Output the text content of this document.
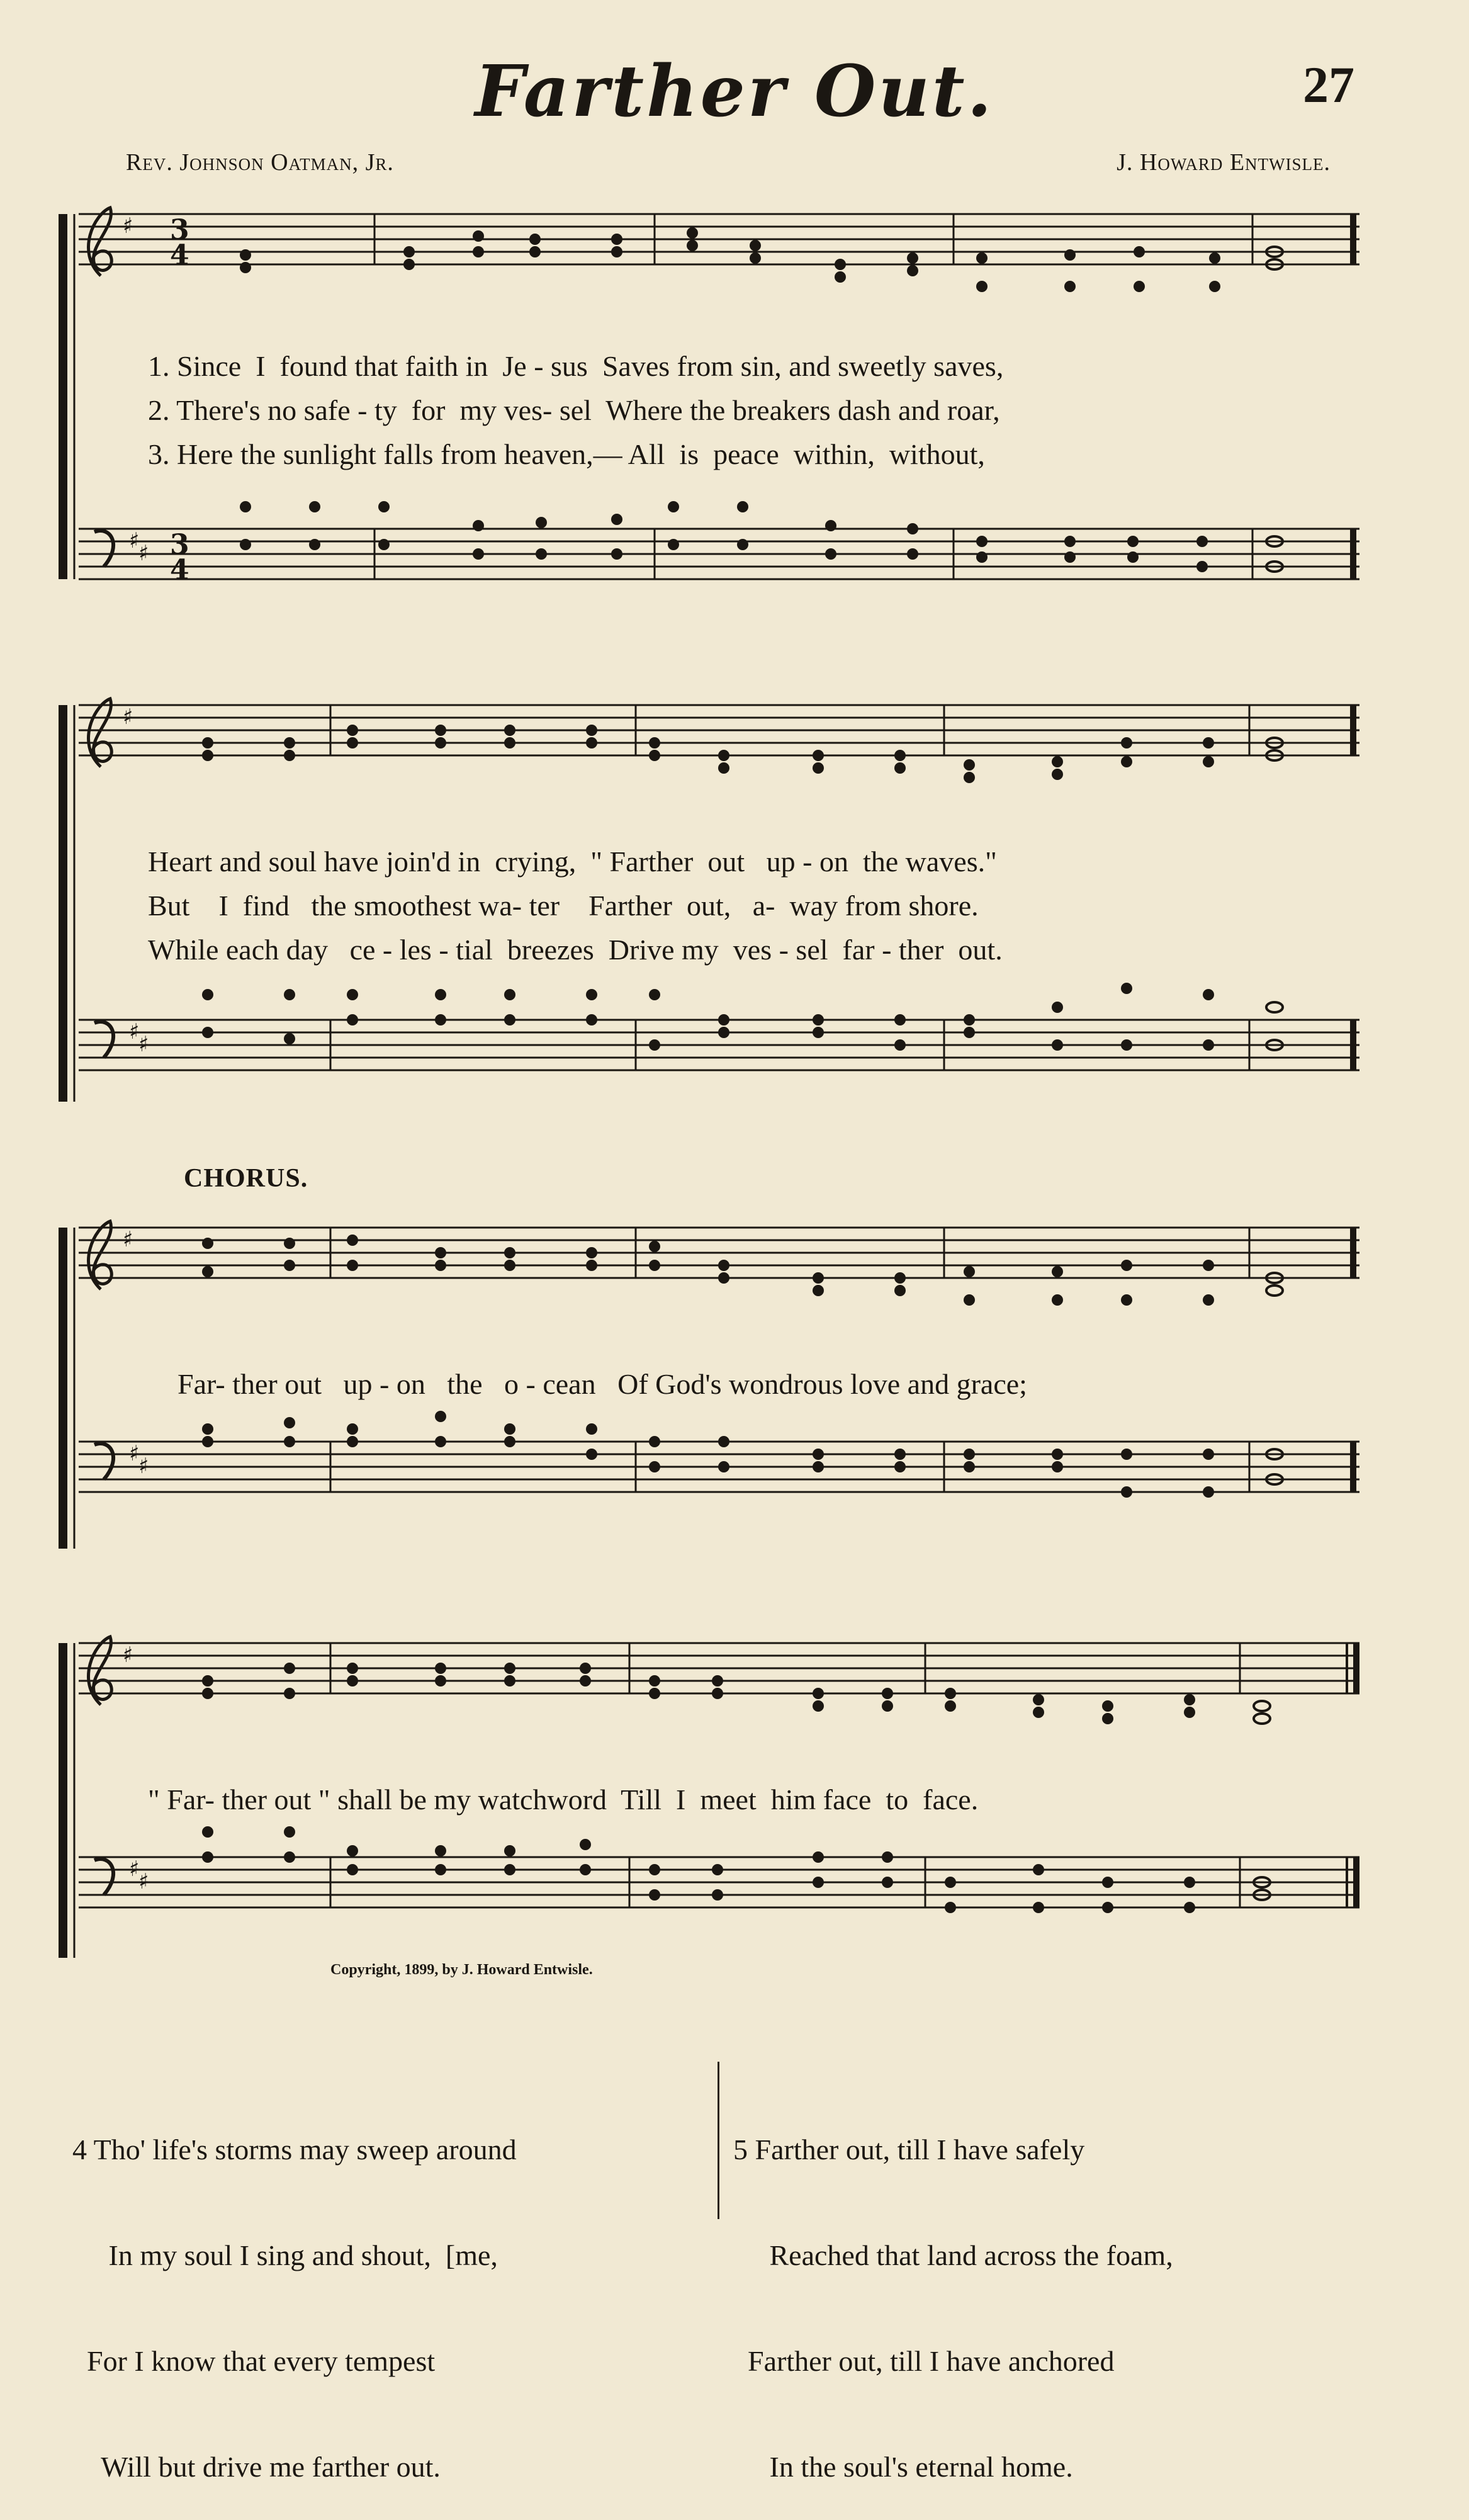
Farther Out.	27
Rev. Johnson Oatman, Jr.	J. Howard Entwisle.
3
4
3
4
♯
♯
♯
1. Since  I  found that faith in  Je - sus  Saves from sin, and sweetly saves,
2. There's no safe - ty  for  my ves- sel  Where the breakers dash and roar,
3. Here the sunlight falls from heaven,— All  is  peace  within,  without,
♯
♯
♯
Heart and soul have join'd in  crying,  " Farther  out   up - on  the waves."
But    I  find   the smoothest wa- ter    Farther  out,   a-  way from shore.
While each day   ce - les - tial  breezes  Drive my  ves - sel  far - ther  out.
CHORUS.
♯
♯
♯
Far- ther out   up - on   the   o - cean   Of God's wondrous love and grace;
♯
♯
♯
" Far- ther out " shall be my watchword  Till  I  meet  him face  to  face.
Copyright, 1899, by J. Howard Entwisle.

4 Tho' life's storms may sweep around

In my soul I sing and shout,  [me,

For I know that every tempest

Will but drive me farther out.

5 Farther out, till I have safely

Reached that land across the foam,

Farther out, till I have anchored

In the soul's eternal home.
